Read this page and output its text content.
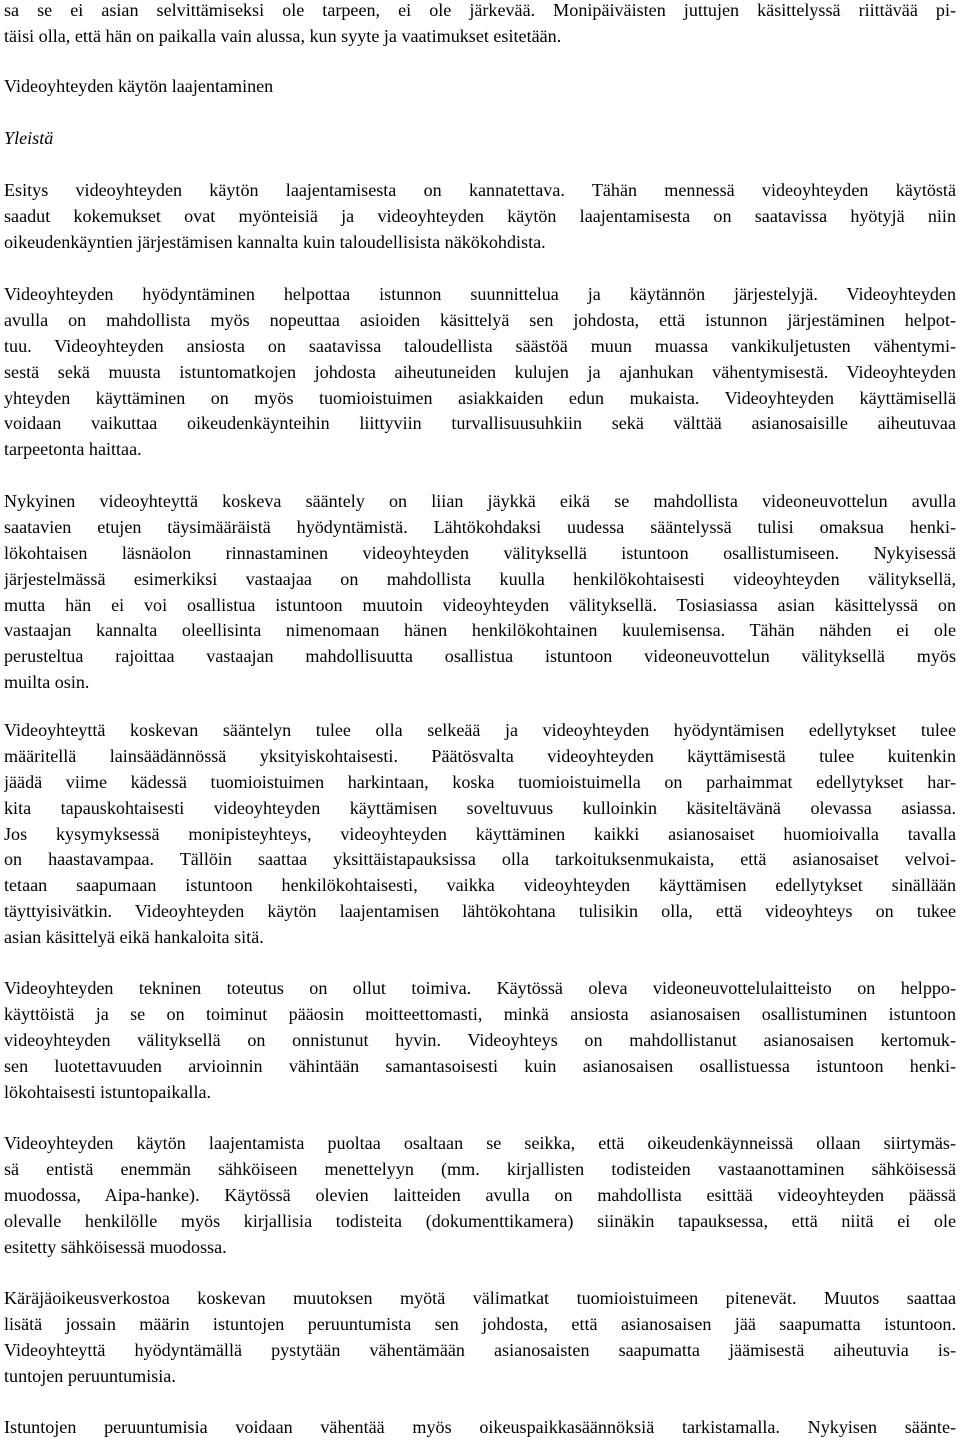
sa se ei asian selvittämiseksi ole tarpeen, ei ole järkevää. Monipäiväisten juttujen käsittelyssä riittävää pi-
täisi olla, että hän on paikalla vain alussa, kun syyte ja vaatimukset esitetään.
Videoyhteyden käytön laajentaminen
Yleistä
Esitys videoyhteyden käytön laajentamisesta on kannatettava. Tähän mennessä videoyhteyden käytöstä
saadut kokemukset ovat myönteisiä ja videoyhteyden käytön laajentamisesta on saatavissa hyötyjä niin
oikeudenkäyntien järjestämisen kannalta kuin taloudellisista näkökohdista.
Videoyhteyden hyödyntäminen helpottaa istunnon suunnittelua ja käytännön järjestelyjä. Videoyhteyden
avulla on mahdollista myös nopeuttaa asioiden käsittelyä sen johdosta, että istunnon järjestäminen helpot-
tuu. Videoyhteyden ansiosta on saatavissa taloudellista säästöä muun muassa vankikuljetusten vähentymi-
sestä sekä muusta istuntomatkojen johdosta aiheutuneiden kulujen ja ajanhukan vähentymisestä. Videoyhteyden
yhteyden käyttäminen on myös tuomioistuimen asiakkaiden edun mukaista. Videoyhteyden käyttämisellä
voidaan vaikuttaa oikeudenkäynteihin liittyviin turvallisuusuhkiin sekä välttää asianosaisille aiheutuvaa
tarpeetonta haittaa.
Nykyinen videoyhteyttä koskeva sääntely on liian jäykkä eikä se mahdollista videoneuvottelun avulla
saatavien etujen täysimääräistä hyödyntämistä. Lähtökohdaksi uudessa sääntelyssä tulisi omaksua henki-
lökohtaisen läsnäolon rinnastaminen videoyhteyden välityksellä istuntoon osallistumiseen. Nykyisessä
järjestelmässä esimerkiksi vastaajaa on mahdollista kuulla henkilökohtaisesti videoyhteyden välityksellä,
mutta hän ei voi osallistua istuntoon muutoin videoyhteyden välityksellä. Tosiasiassa asian käsittelyssä on
vastaajan kannalta oleellisinta nimenomaan hänen henkilökohtainen kuulemisensa. Tähän nähden ei ole
perusteltua rajoittaa vastaajan mahdollisuutta osallistua istuntoon videoneuvottelun välityksellä myös
muilta osin.
Videoyhteyttä koskevan sääntelyn tulee olla selkeää ja videoyhteyden hyödyntämisen edellytykset tulee
määritellä lainsäädännössä yksityiskohtaisesti. Päätösvalta videoyhteyden käyttämisestä tulee kuitenkin
jäädä viime kädessä tuomioistuimen harkintaan, koska tuomioistuimella on parhaimmat edellytykset har-
kita tapauskohtaisesti videoyhteyden käyttämisen soveltuvuus kulloinkin käsiteltävänä olevassa asiassa.
Jos kysymyksessä monipisteyhteys, videoyhteyden käyttäminen kaikki asianosaiset huomioivalla tavalla
on haastavampaa. Tällöin saattaa yksittäistapauksissa olla tarkoituksenmukaista, että asianosaiset velvoi-
tetaan saapumaan istuntoon henkilökohtaisesti, vaikka videoyhteyden käyttämisen edellytykset sinällään
täyttyisivätkin. Videoyhteyden käytön laajentamisen lähtökohtana tulisikin olla, että videoyhteys on tukee
asian käsittelyä eikä hankaloita sitä.
Videoyhteyden tekninen toteutus on ollut toimiva. Käytössä oleva videoneuvottelulaitteisto on helppo-
käyttöistä ja se on toiminut pääosin moitteettomasti, minkä ansiosta asianosaisen osallistuminen istuntoon
videoyhteyden välityksellä on onnistunut hyvin. Videoyhteys on mahdollistanut asianosaisen kertomuk-
sen luotettavuuden arvioinnin vähintään samantasoisesti kuin asianosaisen osallistuessa istuntoon henki-
lökohtaisesti istuntopaikalla.
Videoyhteyden käytön laajentamista puoltaa osaltaan se seikka, että oikeudenkäynneissä ollaan siirtymäs-
sä entistä enemmän sähköiseen menettelyyn (mm. kirjallisten todisteiden vastaanottaminen sähköisessä
muodossa, Aipa-hanke). Käytössä olevien laitteiden avulla on mahdollista esittää videoyhteyden päässä
olevalle henkilölle myös kirjallisia todisteita (dokumenttikamera) siinäkin tapauksessa, että niitä ei ole
esitetty sähköisessä muodossa.
Käräjäoikeusverkostoa koskevan muutoksen myötä välimatkat tuomioistuimeen pitenevät. Muutos saattaa
lisätä jossain määrin istuntojen peruuntumista sen johdosta, että asianosaisen jää saapumatta istuntoon.
Videoyhteyttä hyödyntämällä pystytään vähentämään asianosaisten saapumatta jäämisestä aiheutuvia is-
tuntojen peruuntumisia.
Istuntojen peruuntumisia voidaan vähentää myös oikeuspaikkasäännöksiä tarkistamalla. Nykyisen säänte-
